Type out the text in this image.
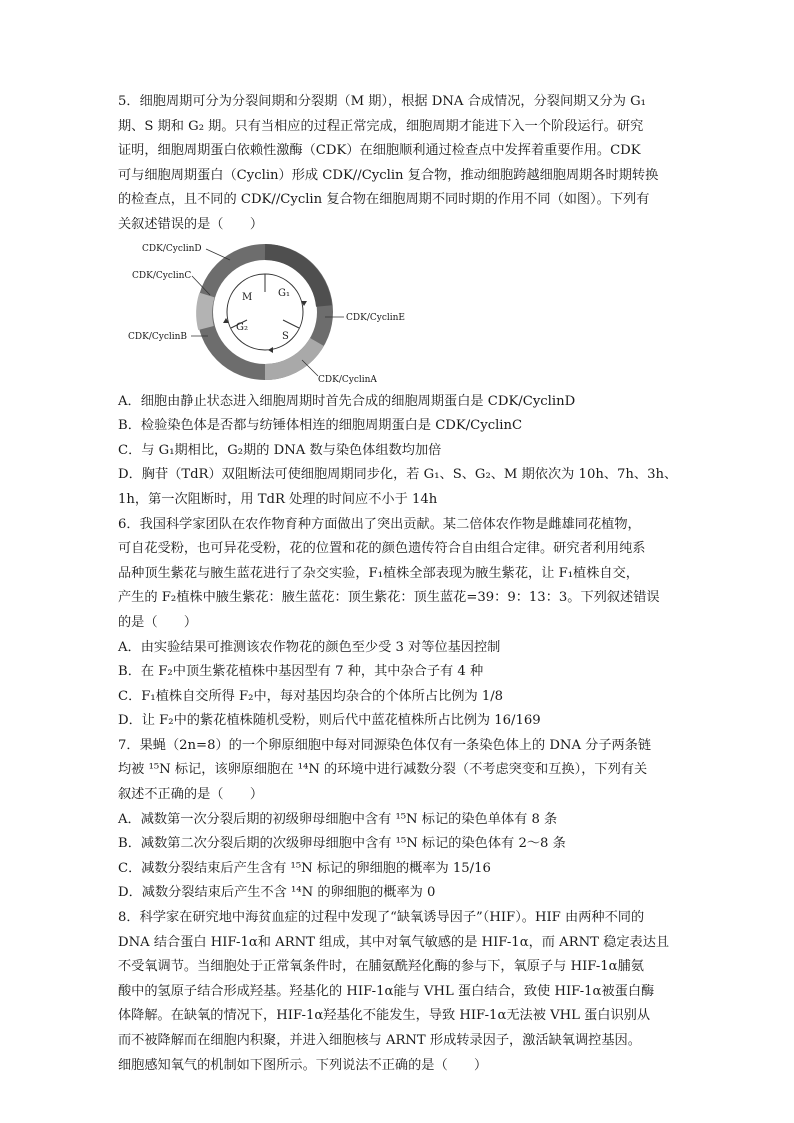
5．细胞周期可分为分裂间期和分裂期（M 期），根据 DNA 合成情况，分裂间期又分为 G₁
期、S 期和 G₂ 期。只有当相应的过程正常完成，细胞周期才能进下入一个阶段运行。研究
证明，细胞周期蛋白依赖性激酶（CDK）在细胞顺利通过检查点中发挥着重要作用。CDK
可与细胞周期蛋白（Cyclin）形成 CDK//Cyclin 复合物，推动细胞跨越细胞周期各时期转换
的检查点，且不同的 CDK//Cyclin 复合物在细胞周期不同时期的作用不同（如图）。下列有
关叙述错误的是（　　）
G₁
S
G₂
M
CDK/CyclinD
CDK/CyclinC
CDK/CyclinB
CDK/CyclinE
CDK/CyclinA
A．细胞由静止状态进入细胞周期时首先合成的细胞周期蛋白是 CDK/CyclinD
B．检验染色体是否都与纺锤体相连的细胞周期蛋白是 CDK/CyclinC
C．与 G₁期相比，G₂期的 DNA 数与染色体组数均加倍
D．胸苷（TdR）双阻断法可使细胞周期同步化，若 G₁、S、G₂、M 期依次为 10h、7h、3h、
1h，第一次阻断时，用 TdR 处理的时间应不小于 14h
6．我国科学家团队在农作物育种方面做出了突出贡献。某二倍体农作物是雌雄同花植物，
可自花受粉，也可异花受粉，花的位置和花的颜色遗传符合自由组合定律。研究者利用纯系
品种顶生紫花与腋生蓝花进行了杂交实验，F₁植株全部表现为腋生紫花，让 F₁植株自交，
产生的 F₂植株中腋生紫花：腋生蓝花：顶生紫花：顶生蓝花=39：9：13：3。下列叙述错误
的是（　　）
A．由实验结果可推测该农作物花的颜色至少受 3 对等位基因控制
B．在 F₂中顶生紫花植株中基因型有 7 种，其中杂合子有 4 种
C．F₁植株自交所得 F₂中，每对基因均杂合的个体所占比例为 1/8
D．让 F₂中的紫花植株随机受粉，则后代中蓝花植株所占比例为 16/169
7．果蝇（2n=8）的一个卵原细胞中每对同源染色体仅有一条染色体上的 DNA 分子两条链
均被 ¹⁵N 标记，该卵原细胞在 ¹⁴N 的环境中进行减数分裂（不考虑突变和互换），下列有关
叙述不正确的是（　　）
A．减数第一次分裂后期的初级卵母细胞中含有 ¹⁵N 标记的染色单体有 8 条
B．减数第二次分裂后期的次级卵母细胞中含有 ¹⁵N 标记的染色体有 2～8 条
C．减数分裂结束后产生含有 ¹⁵N 标记的卵细胞的概率为 15/16
D．减数分裂结束后产生不含 ¹⁴N 的卵细胞的概率为 0
8．科学家在研究地中海贫血症的过程中发现了“缺氧诱导因子”（HIF）。HIF 由两种不同的
DNA 结合蛋白 HIF-1α和 ARNT 组成，其中对氧气敏感的是 HIF-1α，而 ARNT 稳定表达且
不受氧调节。当细胞处于正常氧条件时，在脯氨酰羟化酶的参与下，氧原子与 HIF-1α脯氨
酸中的氢原子结合形成羟基。羟基化的 HIF-1α能与 VHL 蛋白结合，致使 HIF-1α被蛋白酶
体降解。在缺氧的情况下，HIF-1α羟基化不能发生，导致 HIF-1α无法被 VHL 蛋白识别从
而不被降解而在细胞内积聚，并进入细胞核与 ARNT 形成转录因子，激活缺氧调控基因。
细胞感知氧气的机制如下图所示。下列说法不正确的是（　　）
